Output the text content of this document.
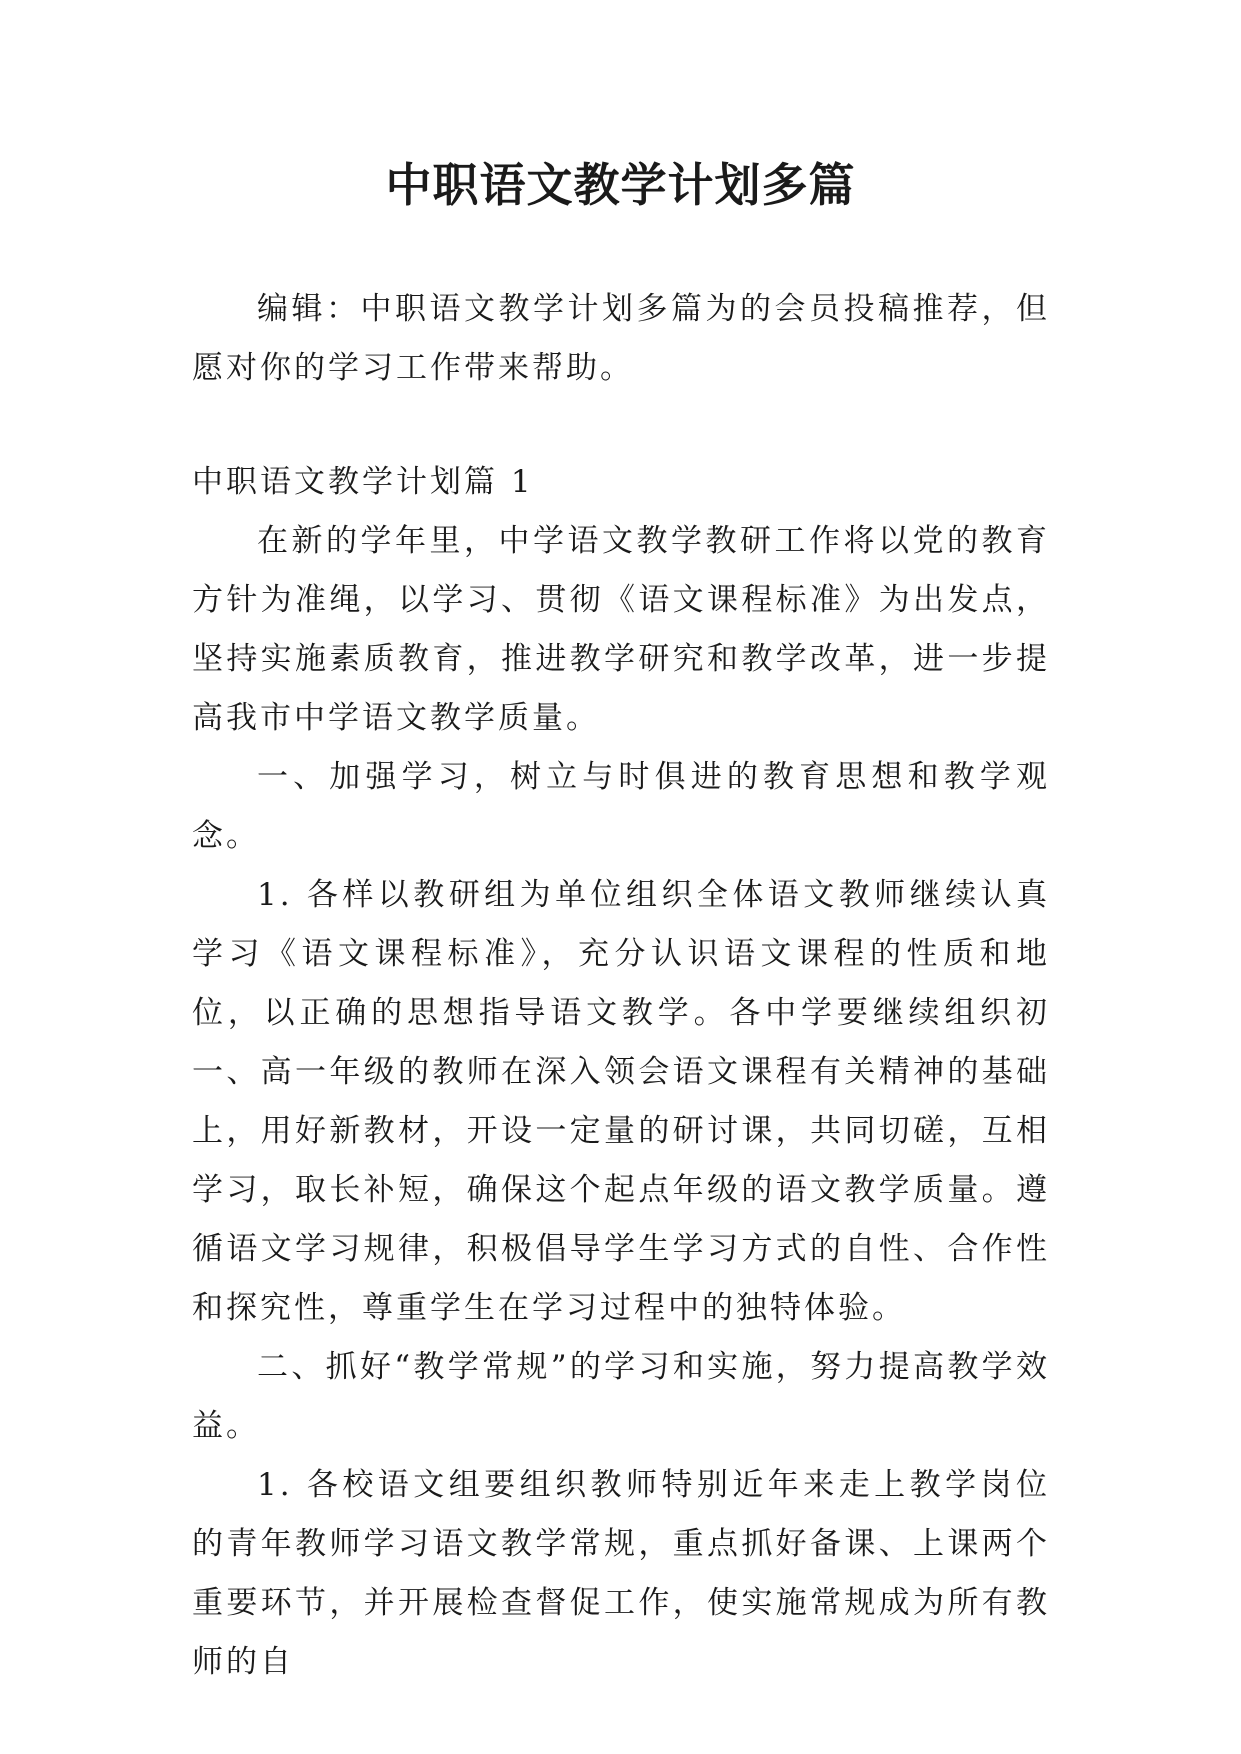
中职语文教学计划多篇

编辑：中职语文教学计划多篇为的会员投稿推荐，但愿对你的学习工作带来帮助。

中职语文教学计划篇 1

在新的学年里，中学语文教学教研工作将以党的教育方针为准绳，以学习、贯彻《语文课程标准》为出发点，坚持实施素质教育，推进教学研究和教学改革，进一步提高我市中学语文教学质量。

一、加强学习，树立与时俱进的教育思想和教学观念。

1. 各样以教研组为单位组织全体语文教师继续认真学习《语文课程标准》，充分认识语文课程的性质和地位，以正确的思想指导语文教学。各中学要继续组织初一、高一年级的教师在深入领会语文课程有关精神的基础上，用好新教材，开设一定量的研讨课，共同切磋，互相学习，取长补短，确保这个起点年级的语文教学质量。遵循语文学习规律，积极倡导学生学习方式的自性、合作性和探究性，尊重学生在学习过程中的独特体验。

二、抓好“教学常规”的学习和实施，努力提高教学效益。

1. 各校语文组要组织教师特别近年来走上教学岗位的青年教师学习语文教学常规，重点抓好备课、上课两个重要环节，并开展检查督促工作，使实施常规成为所有教师的自
